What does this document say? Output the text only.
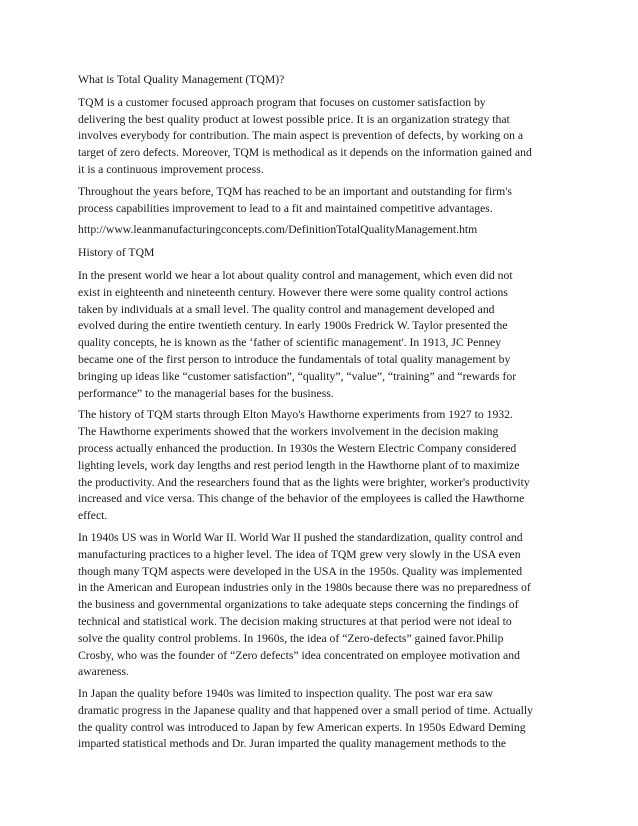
What is Total Quality Management (TQM)?

TQM is a customer focused approach program that focuses on customer satisfaction by
delivering the best quality product at lowest possible price. It is an organization strategy that
involves everybody for contribution. The main aspect is prevention of defects, by working on a
target of zero defects. Moreover, TQM is methodical as it depends on the information gained and
it is a continuous improvement process.

Throughout the years before, TQM has reached to be an important and outstanding for firm's
process capabilities improvement to lead to a fit and maintained competitive advantages.

http://www.leanmanufacturingconcepts.com/DefinitionTotalQualityManagement.htm

History of TQM

In the present world we hear a lot about quality control and management, which even did not
exist in eighteenth and nineteenth century. However there were some quality control actions
taken by individuals at a small level. The quality control and management developed and
evolved during the entire twentieth century. In early 1900s Fredrick W. Taylor presented the
quality concepts, he is known as the ‘father of scientific management'. In 1913, JC Penney
became one of the first person to introduce the fundamentals of total quality management by
bringing up ideas like “customer satisfaction”, “quality”, “value”, “training” and “rewards for
performance” to the managerial bases for the business.

The history of TQM starts through Elton Mayo's Hawthorne experiments from 1927 to 1932.
The Hawthorne experiments showed that the workers involvement in the decision making
process actually enhanced the production. In 1930s the Western Electric Company considered
lighting levels, work day lengths and rest period length in the Hawthorne plant of to maximize
the productivity. And the researchers found that as the lights were brighter, worker's productivity
increased and vice versa. This change of the behavior of the employees is called the Hawthorne
effect.

In 1940s US was in World War II. World War II pushed the standardization, quality control and
manufacturing practices to a higher level. The idea of TQM grew very slowly in the USA even
though many TQM aspects were developed in the USA in the 1950s. Quality was implemented
in the American and European industries only in the 1980s because there was no preparedness of
the business and governmental organizations to take adequate steps concerning the findings of
technical and statistical work. The decision making structures at that period were not ideal to
solve the quality control problems. In 1960s, the idea of “Zero-defects” gained favor.Philip
Crosby, who was the founder of “Zero defects” idea concentrated on employee motivation and
awareness.

In Japan the quality before 1940s was limited to inspection quality. The post war era saw
dramatic progress in the Japanese quality and that happened over a small period of time. Actually
the quality control was introduced to Japan by few American experts. In 1950s Edward Deming
imparted statistical methods and Dr. Juran imparted the quality management methods to the
